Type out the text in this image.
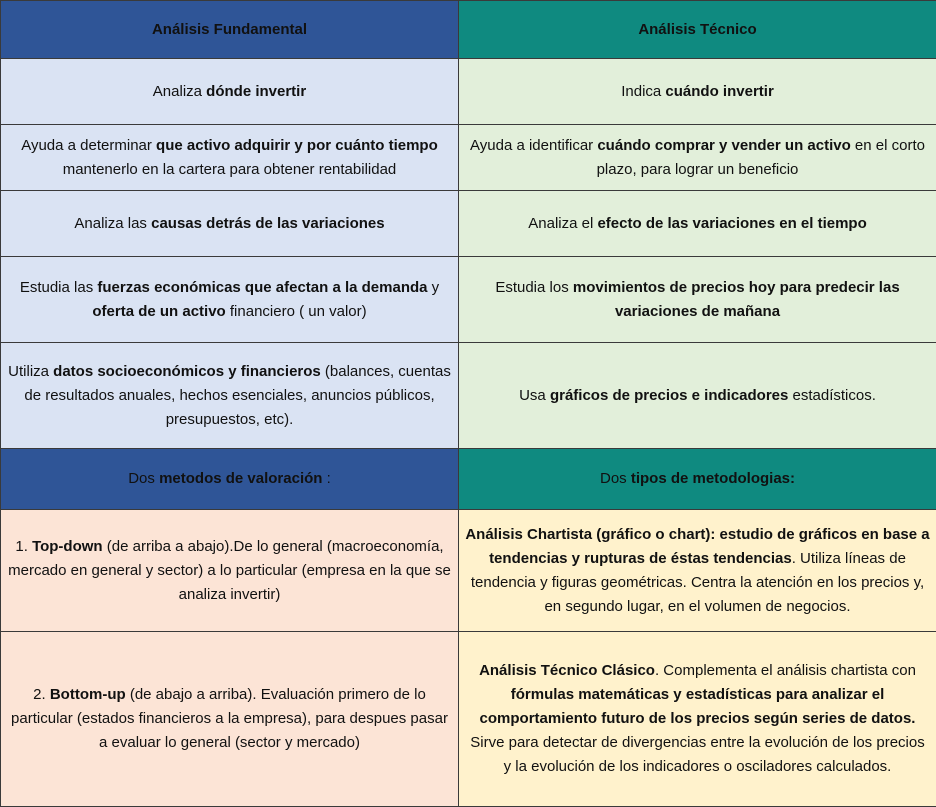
Análisis Fundamental	Análisis Técnico
Analiza dónde invertir	Indica cuándo invertir
Ayuda a determinar que activo adquirir y por cuánto tiempo mantenerlo en la cartera para obtener rentabilidad	Ayuda a identificar cuándo comprar y vender un activo en el corto plazo, para lograr un beneficio
Analiza las causas detrás de las variaciones	Analiza el efecto de las variaciones en el tiempo
Estudia las fuerzas económicas que afectan a la demanda y oferta de un activo financiero ( un valor)	Estudia los movimientos de precios hoy para predecir las variaciones de mañana
Utiliza datos socioeconómicos y financieros (balances, cuentas de resultados anuales, hechos esenciales, anuncios públicos, presupuestos, etc).	Usa gráficos de precios e indicadores estadísticos.
Dos metodos de valoración :	Dos tipos de metodologias:
1. Top-down (de arriba a abajo).De lo general (macroeconomía, mercado en general y sector) a lo particular (empresa en la que se analiza invertir)	Análisis Chartista (gráfico o chart): estudio de gráficos en base a tendencias y rupturas de éstas tendencias. Utiliza líneas de tendencia y figuras geométricas. Centra la atención en los precios y, en segundo lugar, en el volumen de negocios.
2. Bottom-up (de abajo a arriba). Evaluación primero de lo particular (estados financieros a la empresa), para despues pasar a evaluar lo general (sector y mercado)	Análisis Técnico Clásico. Complementa el análisis chartista con fórmulas matemáticas y estadísticas para analizar el comportamiento futuro de los precios según series de datos. Sirve para detectar de divergencias entre la evolución de los precios y la evolución de los indicadores o osciladores calculados.
